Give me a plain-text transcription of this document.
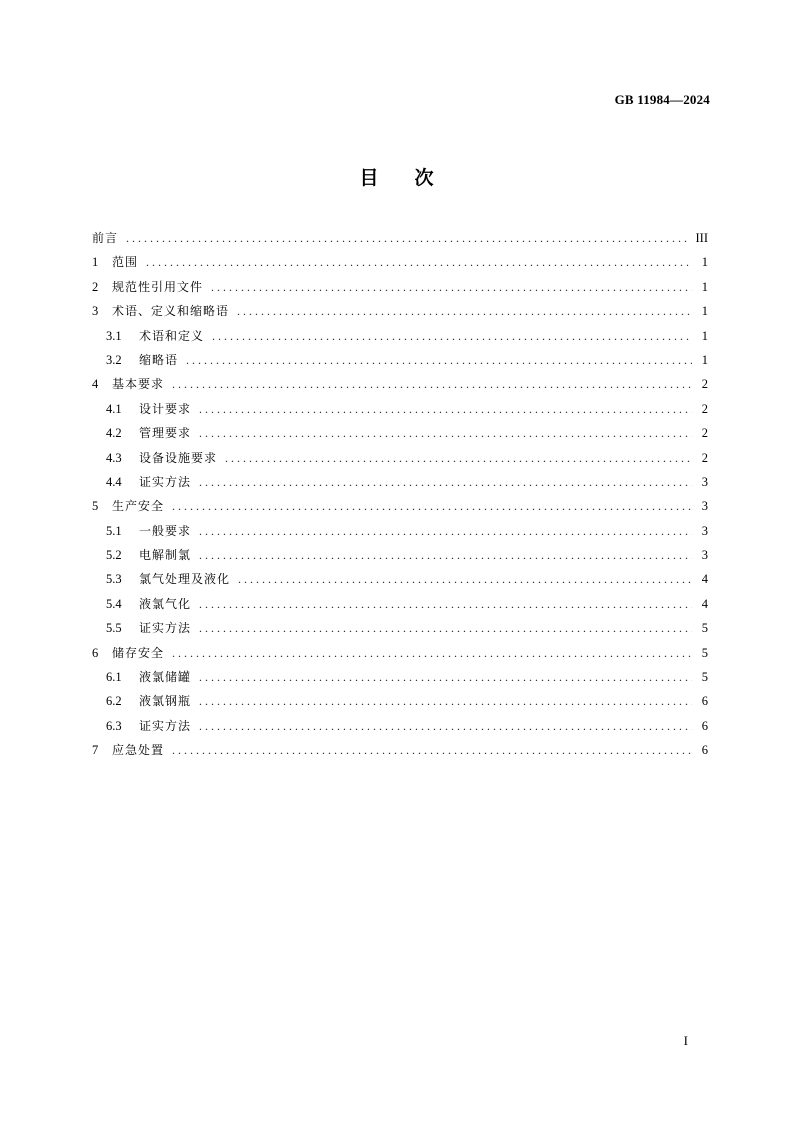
GB 11984—2024
目 次
前言 . . .	III
1	范围 . . .	1
2	规范性引用文件 . . .	1
3	术语、定义和缩略语 . . .	1
3.1	术语和定义 . . .	1
3.2	缩略语 . . .	1
4	基本要求 . . .	2
4.1	设计要求 . . .	2
4.2	管理要求 . . .	2
4.3	设备设施要求 . . .	2
4.4	证实方法 . . .	3
5	生产安全 . . .	3
5.1	一般要求 . . .	3
5.2	电解制氯 . . .	3
5.3	氯气处理及液化 . . .	4
5.4	液氯气化 . . .	4
5.5	证实方法 . . .	5
6	储存安全 . . .	5
6.1	液氯储罐 . . .	5
6.2	液氯钢瓶 . . .	6
6.3	证实方法 . . .	6
7	应急处置 . . .	6
I
